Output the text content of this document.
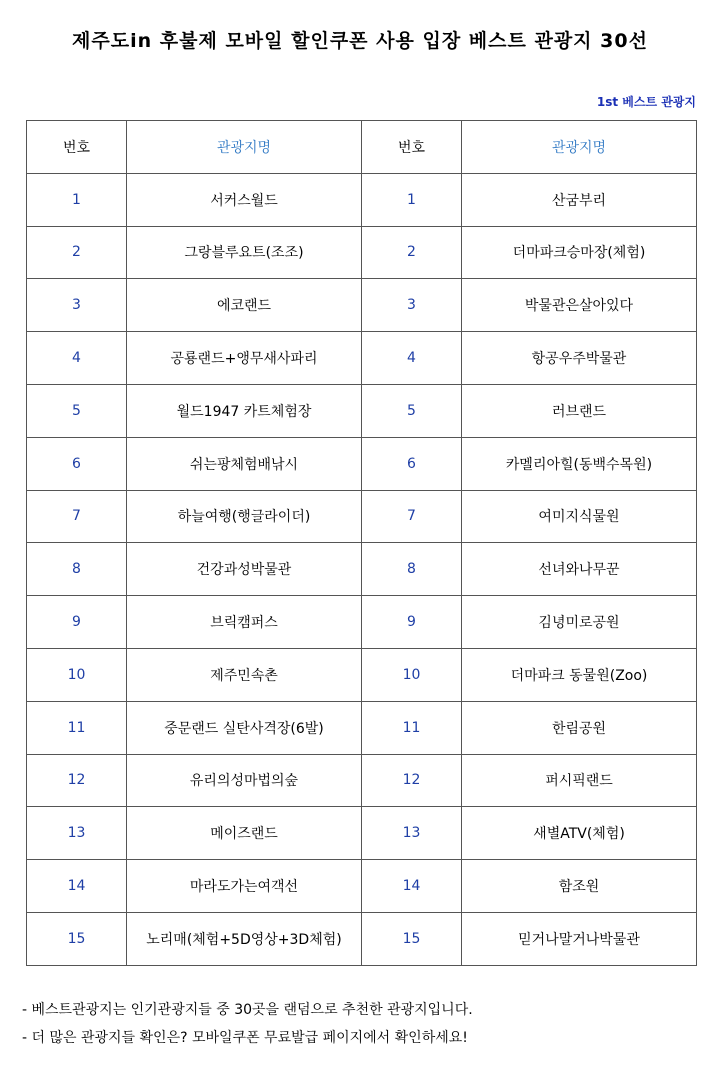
제주도in 후불제 모바일 할인쿠폰 사용 입장 베스트 관광지 30선
1st 베스트 관광지
번호	관광지명	번호	관광지명
1	서커스월드	1	산굼부리
2	그랑블루요트(조조)	2	더마파크승마장(체험)
3	에코랜드	3	박물관은살아있다
4	공룡랜드+앵무새사파리	4	항공우주박물관
5	월드1947 카트체험장	5	러브랜드
6	쉬는팡체험배낚시	6	카멜리아힐(동백수목원)
7	하늘여행(행글라이더)	7	여미지식물원
8	건강과성박물관	8	선녀와나무꾼
9	브릭캠퍼스	9	김녕미로공원
10	제주민속촌	10	더마파크 동물원(Zoo)
11	중문랜드 실탄사격장(6발)	11	한림공원
12	유리의성마법의숲	12	퍼시픽랜드
13	메이즈랜드	13	새별ATV(체험)
14	마라도가는여객선	14	함조원
15	노리매(체험+5D영상+3D체험)	15	믿거나말거나박물관
- 베스트관광지는 인기관광지들 중 30곳을 랜덤으로 추천한 관광지입니다.
- 더 많은 관광지들 확인은? 모바일쿠폰 무료발급 페이지에서 확인하세요!
